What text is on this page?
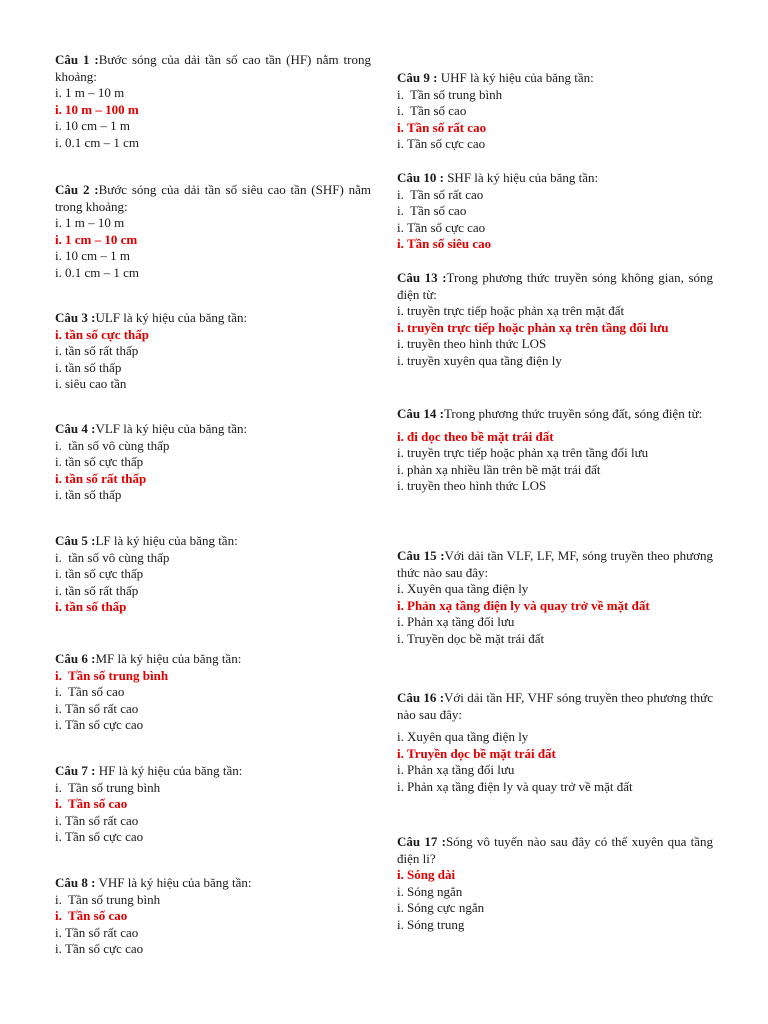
Câu 1 :Bước sóng của dải tần số cao tần (HF) nằm trong khoảng:
i. 1 m – 10 m
i. 10 m – 100 m
i. 10 cm – 1 m
i. 0.1 cm – 1 cm
Câu 2 :Bước sóng của dải tần số siêu cao tần (SHF) nằm trong khoảng:
i. 1 m – 10 m
i. 1 cm – 10 cm
i. 10 cm – 1 m
i. 0.1 cm – 1 cm
Câu 3 :ULF là ký hiệu của băng tần:
i. tần số cực thấp
i. tần số rất thấp
i. tần số thấp
i. siêu cao tần
Câu 4 :VLF là ký hiệu của băng tần:
i. tần số vô cùng thấp
i. tần số cực thấp
i. tần số rất thấp
i. tần số thấp
Câu 5 :LF là ký hiệu của băng tần:
i. tần số vô cùng thấp
i. tần số cực thấp
i. tần số rất thấp
i. tần số thấp
Câu 6 :MF là ký hiệu của băng tần:
i. Tần số trung bình
i. Tần số cao
i. Tần số rất cao
i. Tần số cực cao
Câu 7 : HF là ký hiệu của băng tần:
i. Tần số trung bình
i. Tần số cao
i. Tần số rất cao
i. Tần số cực cao
Câu 8 : VHF là ký hiệu của băng tần:
i. Tần số trung bình
i. Tần số cao
i. Tần số rất cao
i. Tần số cực cao
Câu 9 : UHF là ký hiệu của băng tần:
i. Tần số trung bình
i. Tần số cao
i. Tần số rất cao
i. Tần số cực cao
Câu 10 : SHF là ký hiệu của băng tần:
i. Tần số rất cao
i. Tần số cao
i. Tần số cực cao
i. Tần số siêu cao
Câu 13 :Trong phương thức truyền sóng không gian, sóng điện từ:
i. truyền trực tiếp hoặc phản xạ trên mặt đất
i. truyền trực tiếp hoặc phản xạ trên tầng đối lưu
i. truyền theo hình thức LOS
i. truyền xuyên qua tầng điện ly
Câu 14 :Trong phương thức truyền sóng đất, sóng điện từ:
i. đi dọc theo bề mặt trái đất
i. truyền trực tiếp hoặc phản xạ trên tầng đối lưu
i. phản xạ nhiều lần trên bề mặt trái đất
i. truyền theo hình thức LOS
Câu 15 :Với dải tần VLF, LF, MF, sóng truyền theo phương thức nào sau đây:
i. Xuyên qua tầng điện ly
i. Phản xạ tầng điện ly và quay trở về mặt đất
i. Phản xạ tầng đối lưu
i. Truyền dọc bề mặt trái đất
Câu 16 :Với dải tần HF, VHF sóng truyền theo phương thức nào sau đây:
i. Xuyên qua tầng điện ly
i. Truyền dọc bề mặt trái đất
i. Phản xạ tầng đối lưu
i. Phản xạ tầng điện ly và quay trở về mặt đất
Câu 17 :Sóng vô tuyến nào sau đây có thể xuyên qua tầng điện li?
i. Sóng dài
i. Sóng ngắn
i. Sóng cực ngắn
i. Sóng trung
